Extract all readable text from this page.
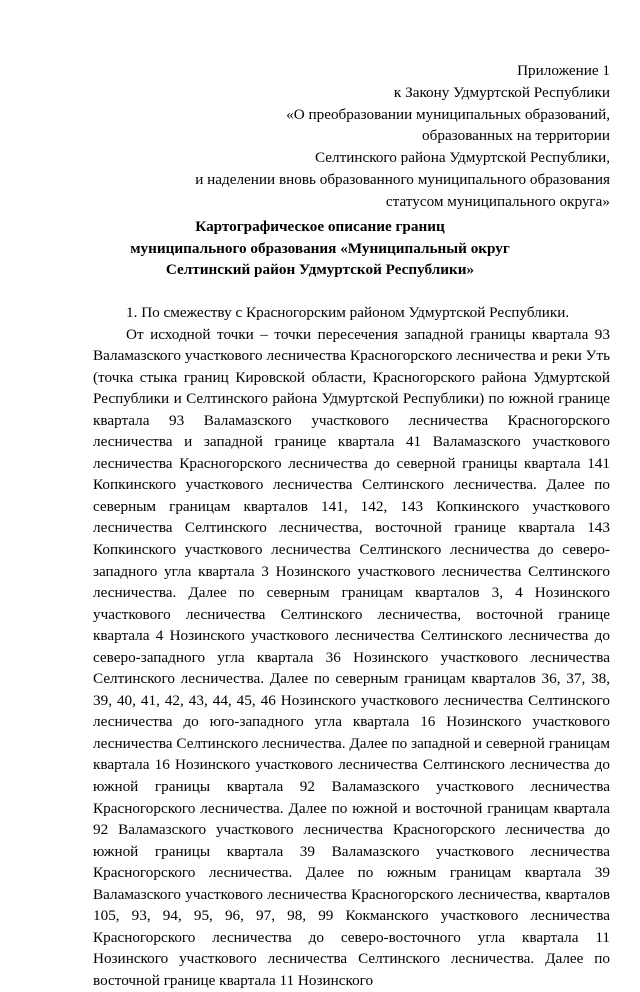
Приложение 1
к Закону Удмуртской Республики
«О преобразовании муниципальных образований,
образованных на территории
Селтинского района Удмуртской Республики,
и наделении вновь образованного муниципального образования
статусом муниципального округа»
Картографическое описание границ
муниципального образования «Муниципальный округ
Селтинский район Удмуртской Республики»

1. По смежеству с Красногорским районом Удмуртской Республики.

От исходной точки – точки пересечения западной границы квартала 93 Валамазского участкового лесничества Красногорского лесничества и реки Уть (точка стыка границ Кировской области, Красногорского района Удмуртской Республики и Селтинского района Удмуртской Республики) по южной границе квартала 93 Валамазского участкового лесничества Красногорского лесничества и западной границе квартала 41 Валамазского участкового лесничества Красногорского лесничества до северной границы квартала 141 Копкинского участкового лесничества Селтинского лесничества. Далее по северным границам кварталов 141, 142, 143 Копкинского участкового лесничества Селтинского лесничества, восточной границе квартала 143 Копкинского участкового лесничества Селтинского лесничества до северо-западного угла квартала 3 Нозинского участкового лесничества Селтинского лесничества. Далее по северным границам кварталов 3, 4 Нозинского участкового лесничества Селтинского лесничества, восточной границе квартала 4 Нозинского участкового лесничества Селтинского лесничества до северо-западного угла квартала 36 Нозинского участкового лесничества Селтинского лесничества. Далее по северным границам кварталов 36, 37, 38, 39, 40, 41, 42, 43, 44, 45, 46 Нозинского участкового лесничества Селтинского лесничества до юго-западного угла квартала 16 Нозинского участкового лесничества Селтинского лесничества. Далее по западной и северной границам квартала 16 Нозинского участкового лесничества Селтинского лесничества до южной границы квартала 92 Валамазского участкового лесничества Красногорского лесничества. Далее по южной и восточной границам квартала 92 Валамазского участкового лесничества Красногорского лесничества до южной границы квартала 39 Валамазского участкового лесничества Красногорского лесничества. Далее по южным границам квартала 39 Валамазского участкового лесничества Красногорского лесничества, кварталов 105, 93, 94, 95, 96, 97, 98, 99 Кокманского участкового лесничества Красногорского лесничества до северо-восточного угла квартала 11 Нозинского участкового лесничества Селтинского лесничества. Далее по восточной границе квартала 11 Нозинского
